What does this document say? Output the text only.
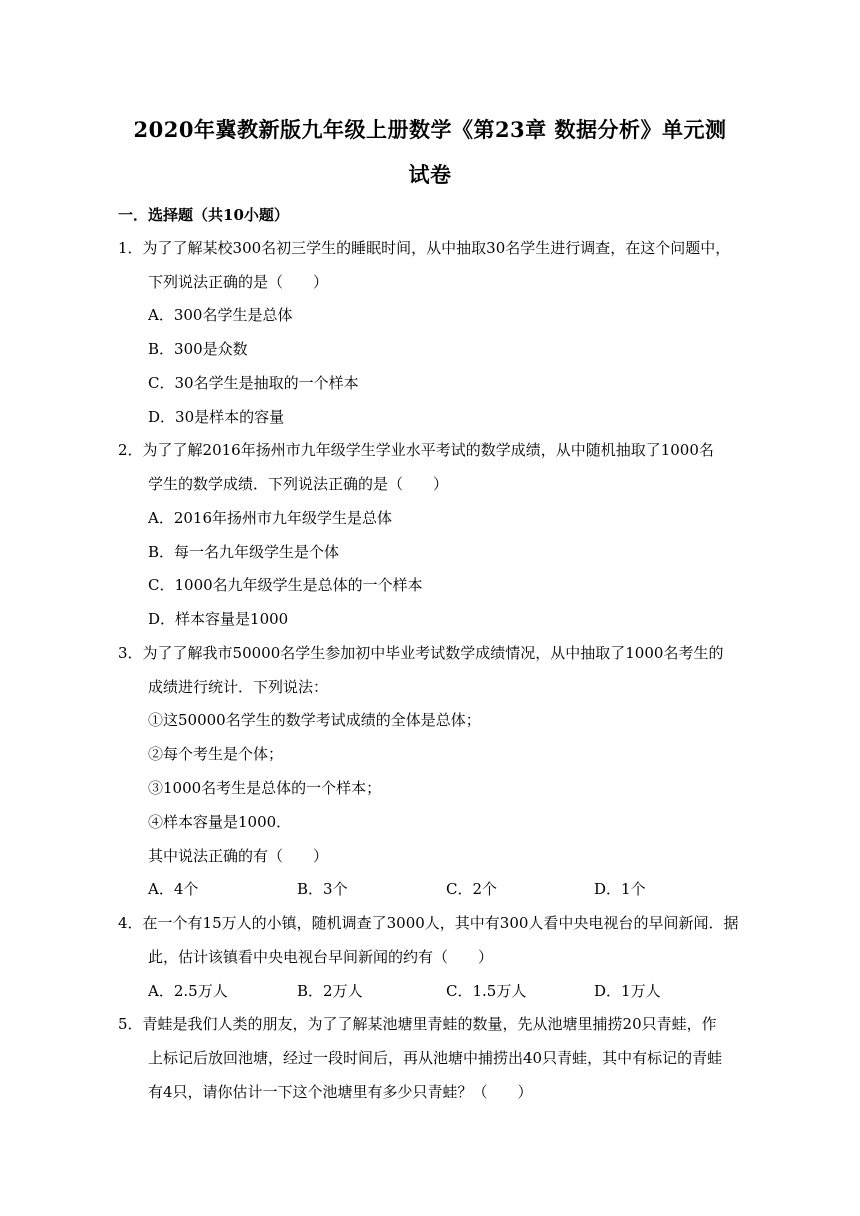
2020年冀教新版九年级上册数学《第23章 数据分析》单元测
试卷
一．选择题（共10小题）
1．为了了解某校300名初三学生的睡眠时间，从中抽取30名学生进行调查，在这个问题中，
下列说法正确的是（　　）
A．300名学生是总体
B．300是众数
C．30名学生是抽取的一个样本
D．30是样本的容量
2．为了了解2016年扬州市九年级学生学业水平考试的数学成绩，从中随机抽取了1000名
学生的数学成绩．下列说法正确的是（　　）
A．2016年扬州市九年级学生是总体
B．每一名九年级学生是个体
C．1000名九年级学生是总体的一个样本
D．样本容量是1000
3．为了了解我市50000名学生参加初中毕业考试数学成绩情况，从中抽取了1000名考生的
成绩进行统计．下列说法：
①这50000名学生的数学考试成绩的全体是总体；
②每个考生是个体；
③1000名考生是总体的一个样本；
④样本容量是1000．
其中说法正确的有（　　）
A．4个	B．3个	C．2个	D．1个
4．在一个有15万人的小镇，随机调查了3000人，其中有300人看中央电视台的早间新闻．据
此，估计该镇看中央电视台早间新闻的约有（　　）
A．2.5万人	B．2万人	C．1.5万人	D．1万人
5．青蛙是我们人类的朋友，为了了解某池塘里青蛙的数量，先从池塘里捕捞20只青蛙，作
上标记后放回池塘，经过一段时间后，再从池塘中捕捞出40只青蛙，其中有标记的青蛙
有4只，请你估计一下这个池塘里有多少只青蛙？（　　）
